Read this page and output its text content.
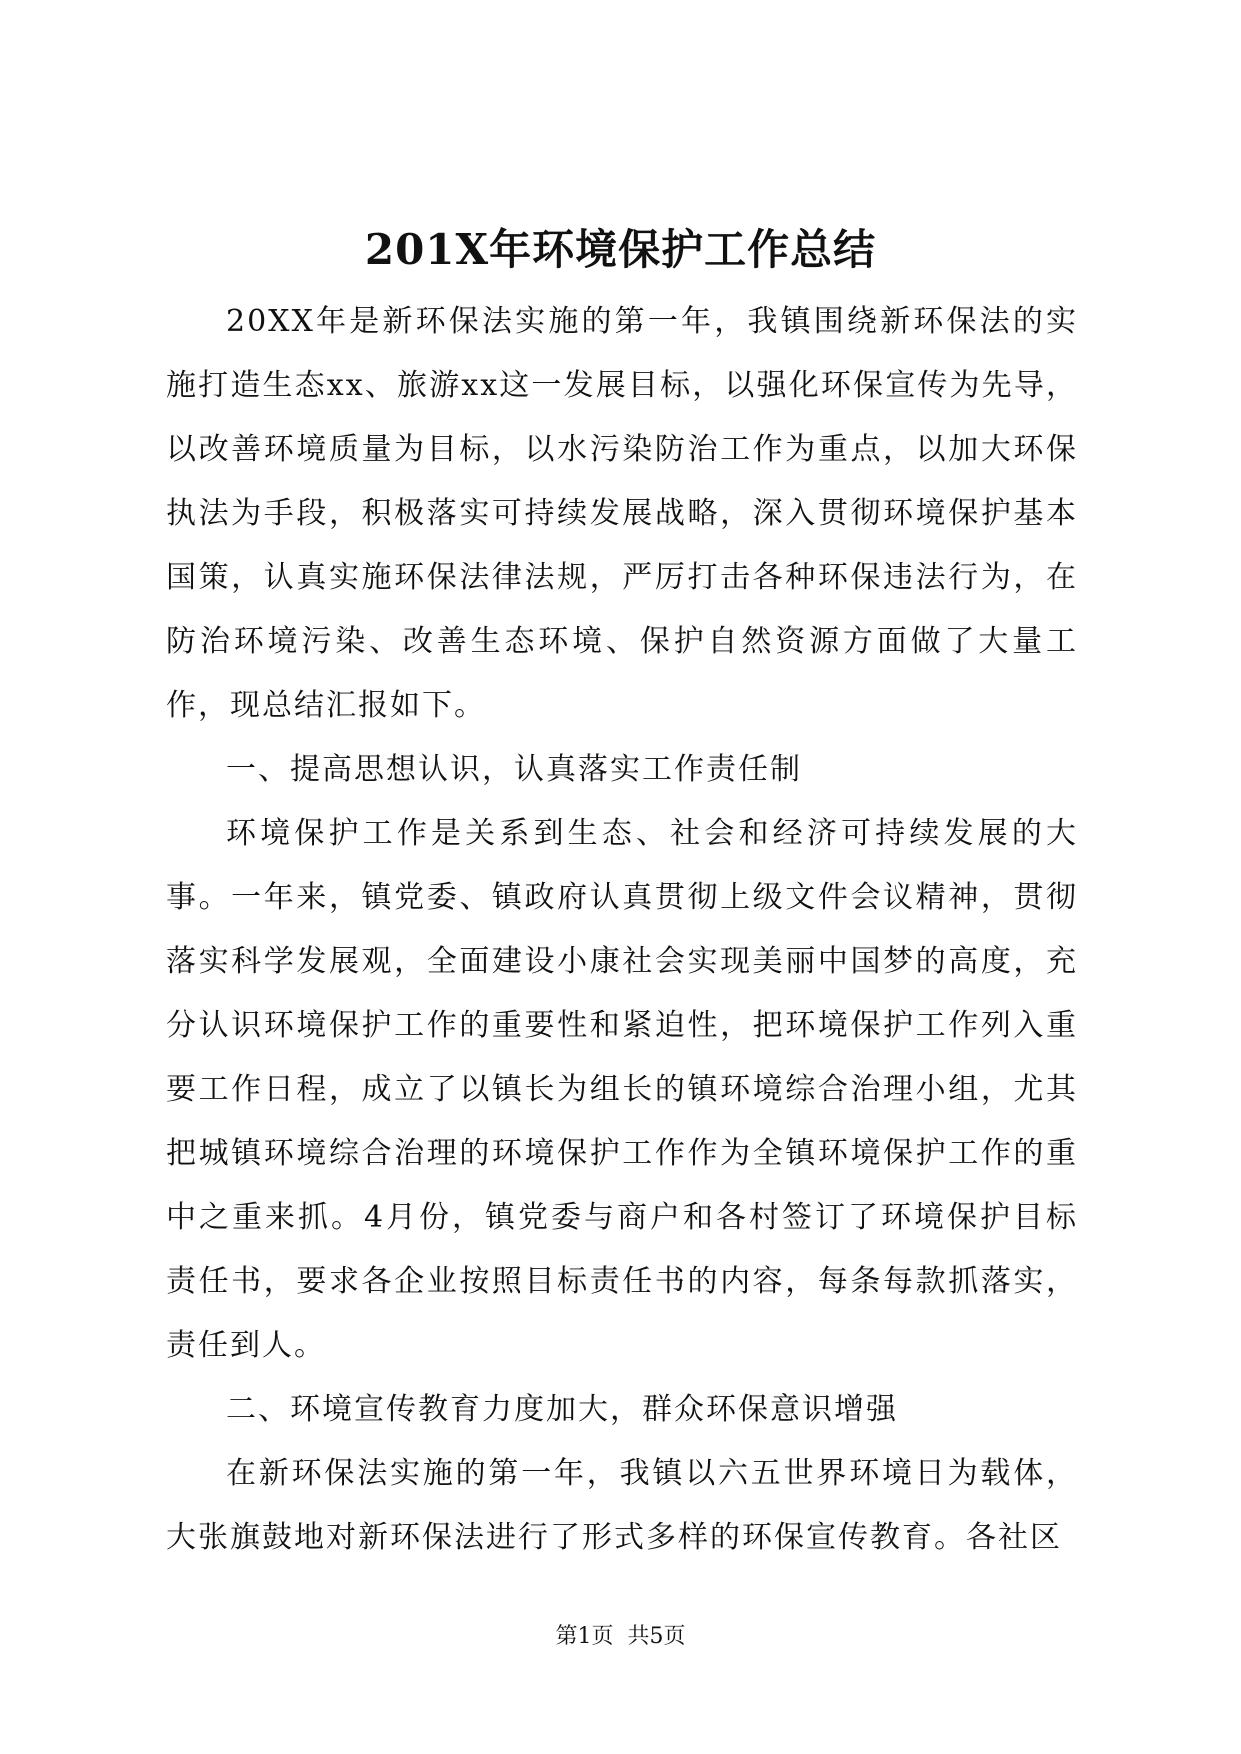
201X年环境保护工作总结

20XX年是新环保法实施的第一年，我镇围绕新环保法的实施打造生态xx、旅游xx这一发展目标，以强化环保宣传为先导，以改善环境质量为目标，以水污染防治工作为重点，以加大环保执法为手段，积极落实可持续发展战略，深入贯彻环境保护基本国策，认真实施环保法律法规，严厉打击各种环保违法行为，在防治环境污染、改善生态环境、保护自然资源方面做了大量工作，现总结汇报如下。

一、提高思想认识，认真落实工作责任制

环境保护工作是关系到生态、社会和经济可持续发展的大事。一年来，镇党委、镇政府认真贯彻上级文件会议精神，贯彻落实科学发展观，全面建设小康社会实现美丽中国梦的高度，充分认识环境保护工作的重要性和紧迫性，把环境保护工作列入重要工作日程，成立了以镇长为组长的镇环境综合治理小组，尤其把城镇环境综合治理的环境保护工作作为全镇环境保护工作的重中之重来抓。4月份，镇党委与商户和各村签订了环境保护目标责任书，要求各企业按照目标责任书的内容，每条每款抓落实，责任到人。

二、环境宣传教育力度加大，群众环保意识增强

在新环保法实施的第一年，我镇以六五世界环境日为载体，大张旗鼓地对新环保法进行了形式多样的环保宣传教育。各社区

第1页 共5页
